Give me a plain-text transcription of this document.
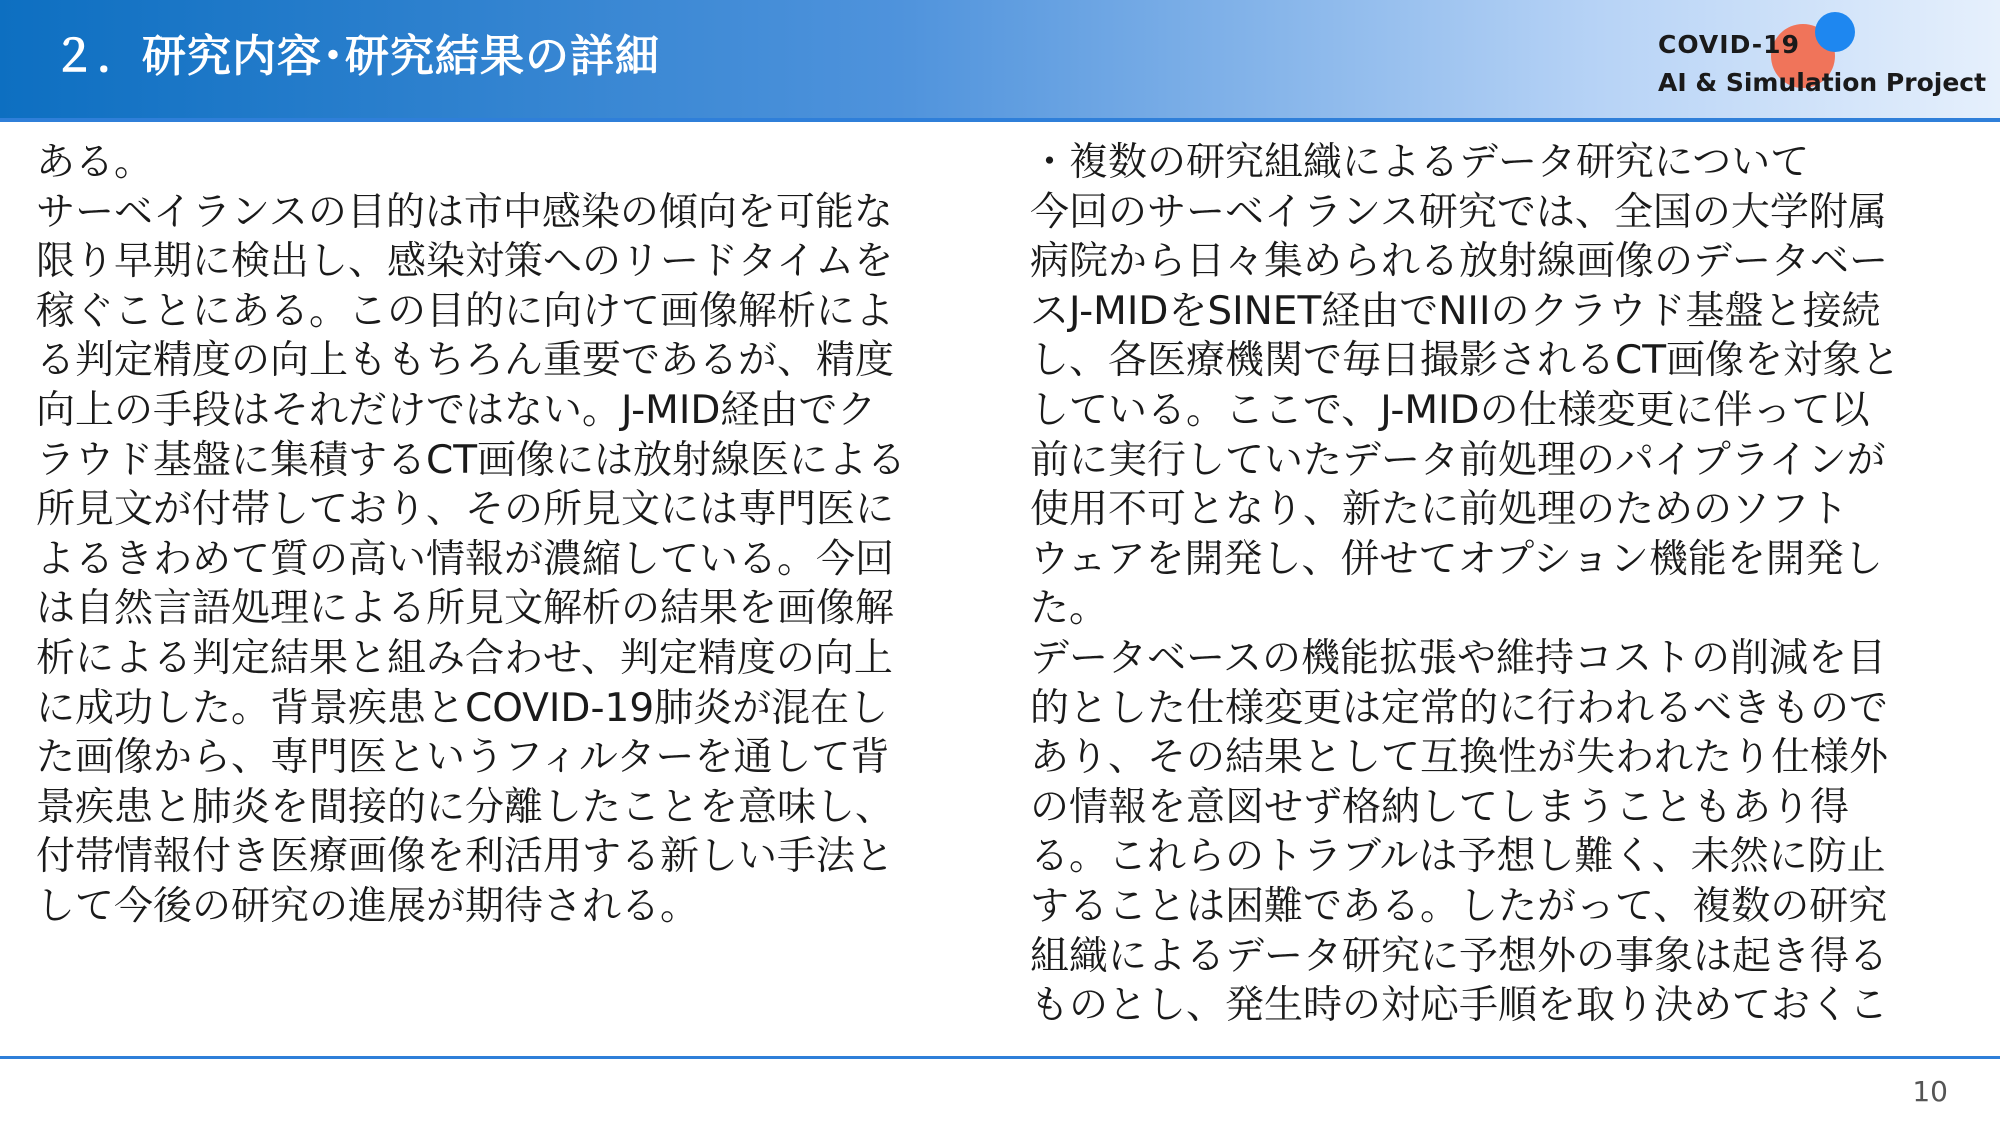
２．研究内容･研究結果の詳細	COVID-19
AI & Simulation Project

ある。

サーベイランスの目的は市中感染の傾向を可能な

限り早期に検出し、感染対策へのリードタイムを

稼ぐことにある。この目的に向けて画像解析によ

る判定精度の向上ももちろん重要であるが、精度

向上の手段はそれだけではない。J-MID経由でク

ラウド基盤に集積するCT画像には放射線医による

所見文が付帯しており、その所見文には専門医に

よるきわめて質の高い情報が濃縮している。今回

は自然言語処理による所見文解析の結果を画像解

析による判定結果と組み合わせ、判定精度の向上

に成功した。背景疾患とCOVID-19肺炎が混在し

た画像から、専門医というフィルターを通して背

景疾患と肺炎を間接的に分離したことを意味し、

付帯情報付き医療画像を利活用する新しい手法と

して今後の研究の進展が期待される。

・複数の研究組織によるデータ研究について

今回のサーベイランス研究では、全国の大学附属

病院から日々集められる放射線画像のデータベー

スJ-MIDをSINET経由でNIIのクラウド基盤と接続

し、各医療機関で毎日撮影されるCT画像を対象と

している。ここで、J-MIDの仕様変更に伴って以

前に実行していたデータ前処理のパイプラインが

使用不可となり、新たに前処理のためのソフト

ウェアを開発し、併せてオプション機能を開発し

た。

データベースの機能拡張や維持コストの削減を目

的とした仕様変更は定常的に行われるべきもので

あり、その結果として互換性が失われたり仕様外

の情報を意図せず格納してしまうこともあり得

る。これらのトラブルは予想し難く、未然に防止

することは困難である。したがって、複数の研究

組織によるデータ研究に予想外の事象は起き得る

ものとし、発生時の対応手順を取り決めておくこ

10
